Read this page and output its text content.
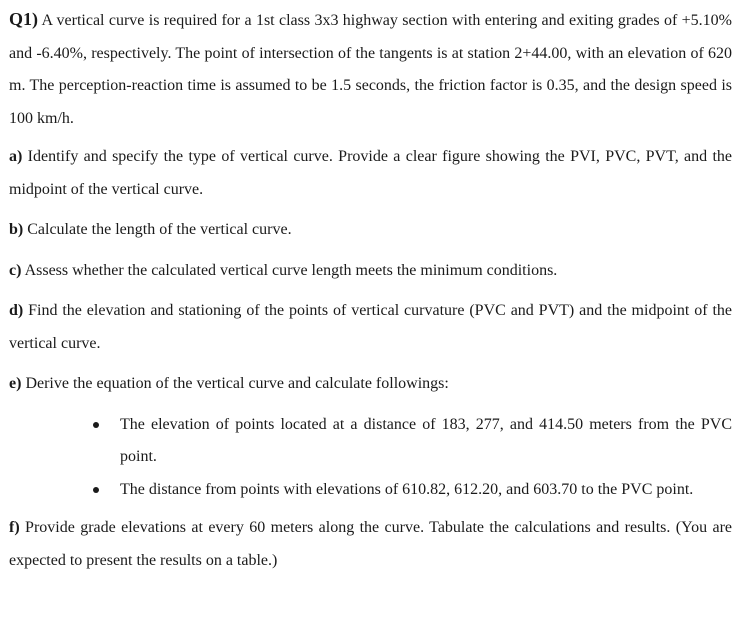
Q1) A vertical curve is required for a 1st class 3x3 highway section with entering and exiting grades of +5.10% and -6.40%, respectively. The point of intersection of the tangents is at station 2+44.00, with an elevation of 620 m. The perception-reaction time is assumed to be 1.5 seconds, the friction factor is 0.35, and the design speed is 100 km/h.

a) Identify and specify the type of vertical curve. Provide a clear figure showing the PVI, PVC, PVT, and the midpoint of the vertical curve.

b) Calculate the length of the vertical curve.

c) Assess whether the calculated vertical curve length meets the minimum conditions.

d) Find the elevation and stationing of the points of vertical curvature (PVC and PVT) and the midpoint of the vertical curve.

e) Derive the equation of the vertical curve and calculate followings:

The elevation of points located at a distance of 183, 277, and 414.50 meters from the PVC point.
The distance from points with elevations of 610.82, 612.20, and 603.70 to the PVC point.

f) Provide grade elevations at every 60 meters along the curve. Tabulate the calculations and results. (You are expected to present the results on a table.)
